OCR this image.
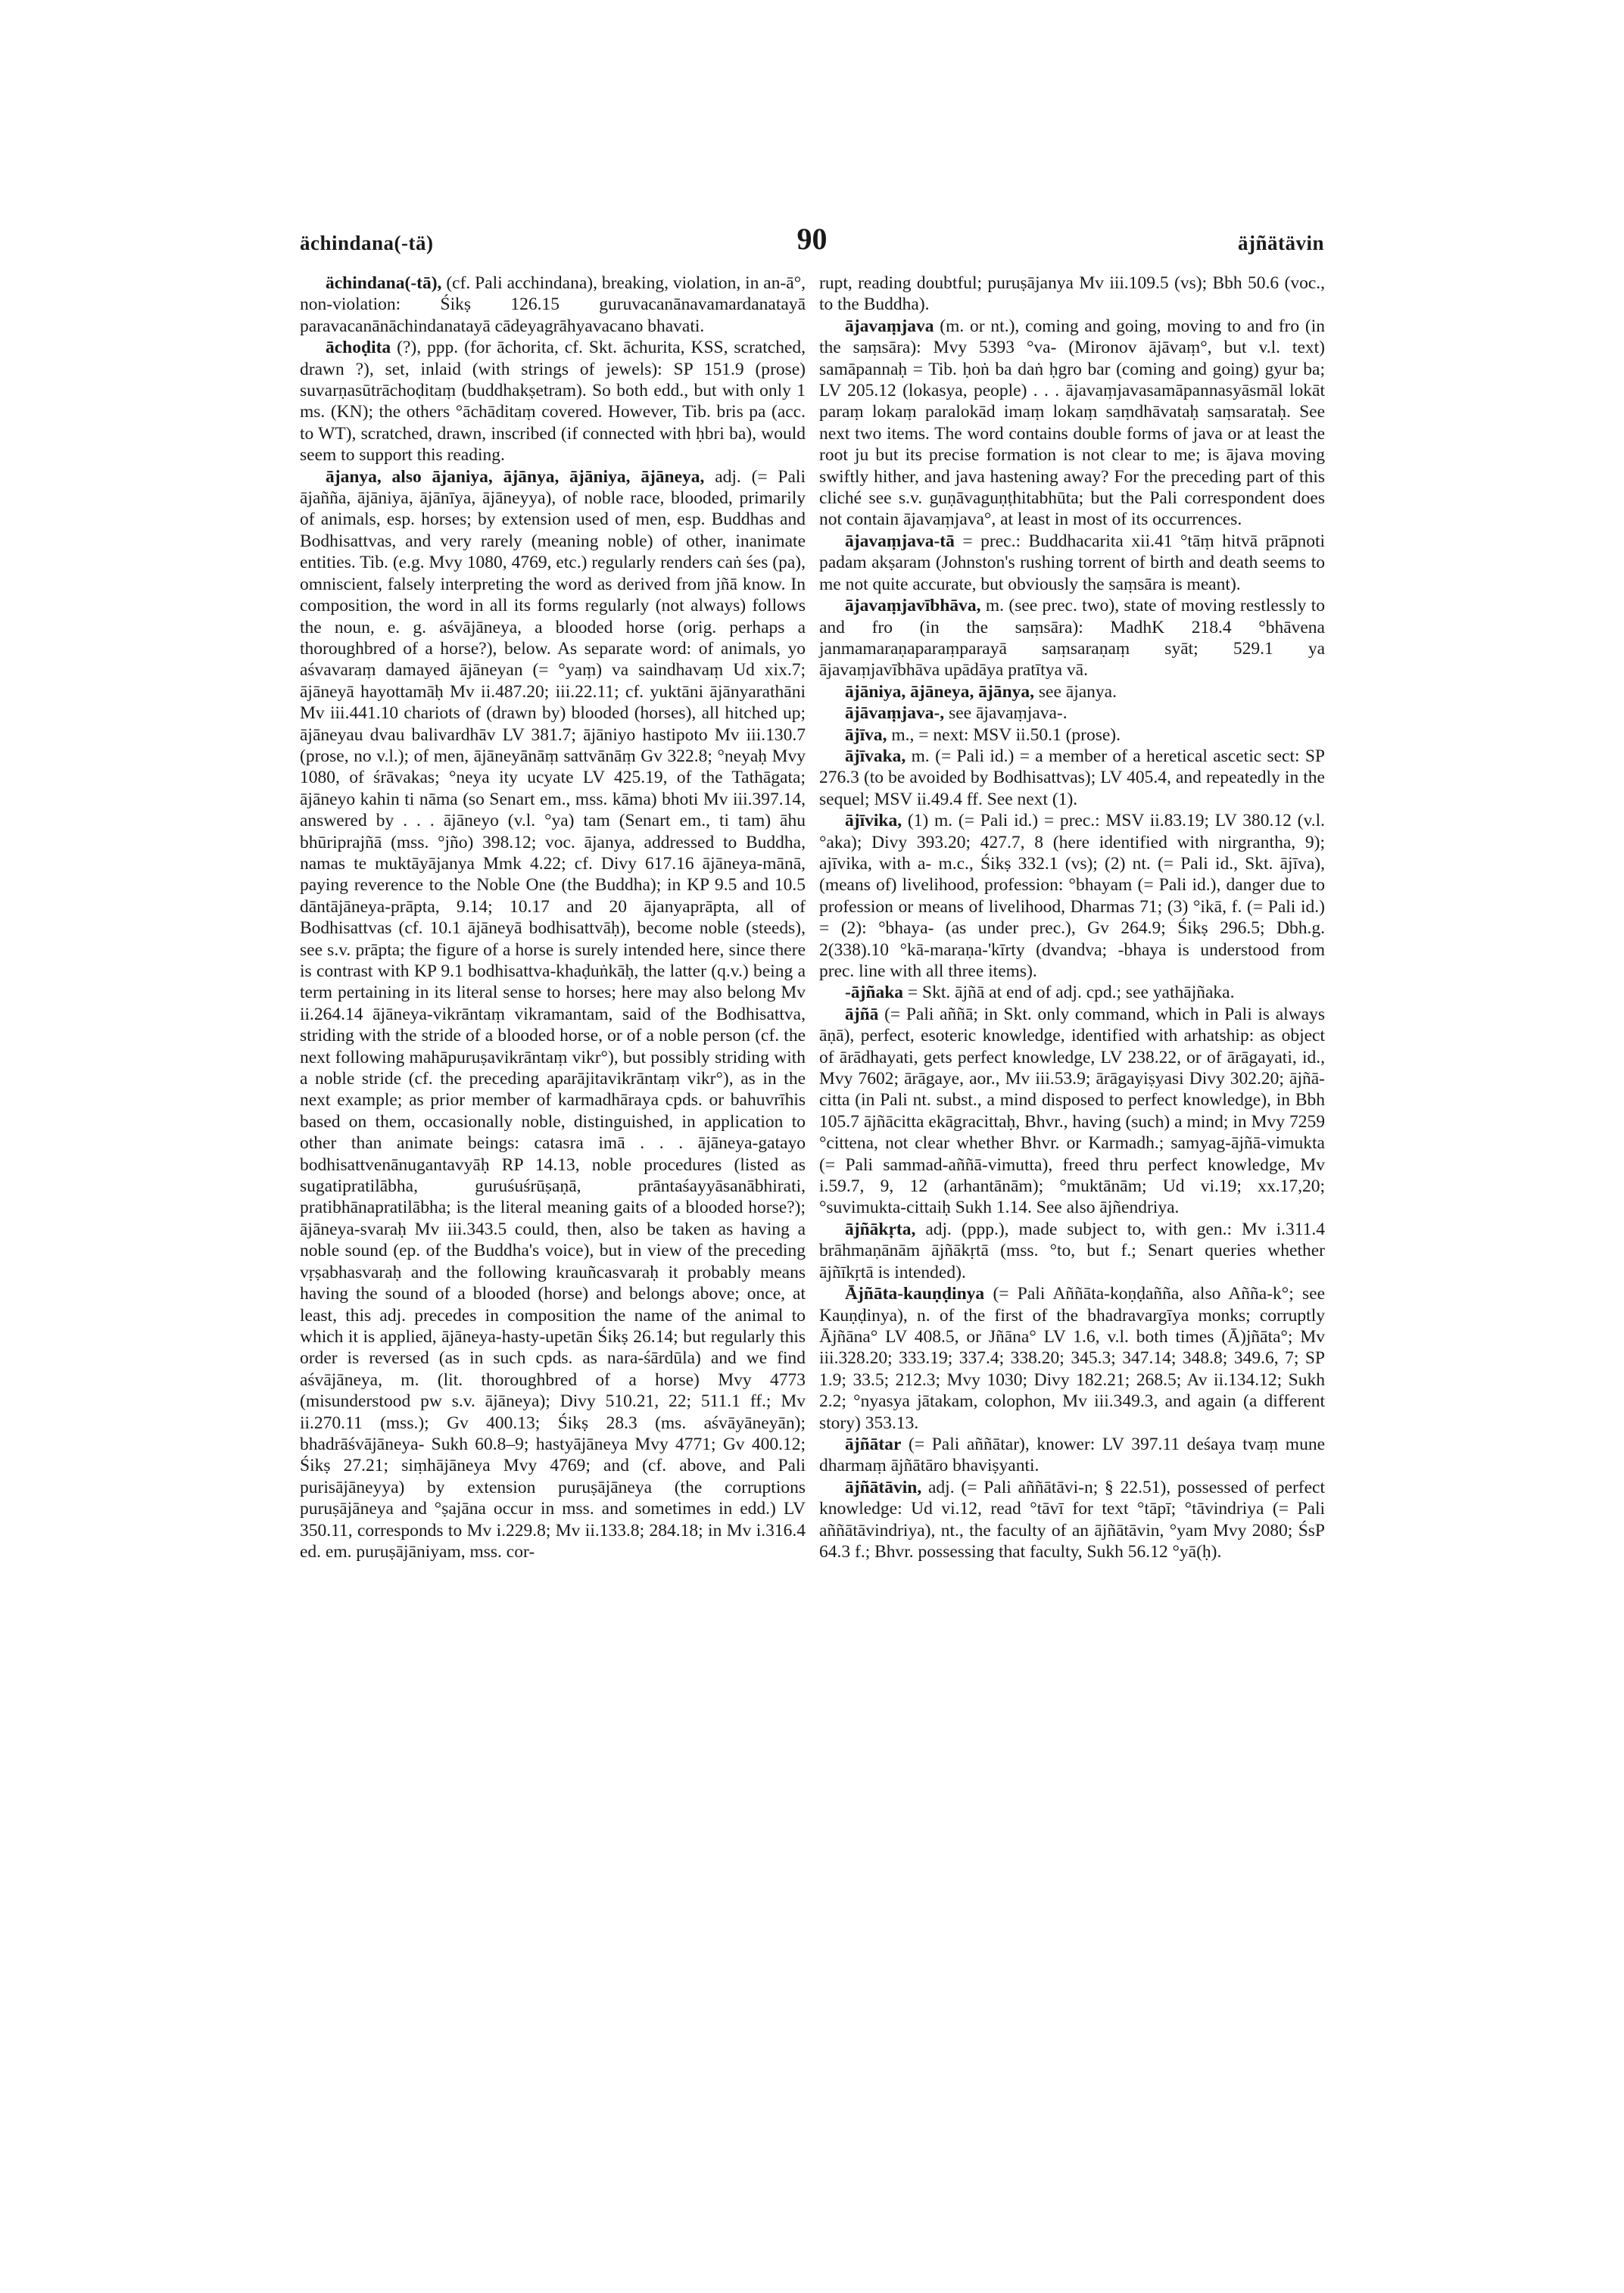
ächindana(-tä)	90	äjñätävin

ächindana(-tā), (cf. Pali acchindana), breaking, violation, in an-ā°, non-violation: Śikṣ 126.15 guruvacanānavamardanatayā paravacanānāchindanatayā cādeyagrāhyavacano bhavati.

āchoḍita (?), ppp. (for āchorita, cf. Skt. āchurita, KSS, scratched, drawn ?), set, inlaid (with strings of jewels): SP 151.9 (prose) suvarṇasūtrāchoḍitaṃ (buddhakṣetram). So both edd., but with only 1 ms. (KN); the others °āchāditaṃ covered. However, Tib. bris pa (acc. to WT), scratched, drawn, inscribed (if connected with ḥbri ba), would seem to support this reading.

ājanya, also ājaniya, ājānya, ājāniya, ājāneya, adj. (= Pali ājañña, ājāniya, ājānīya, ājāneyya), of noble race, blooded, primarily of animals, esp. horses; by extension used of men, esp. Buddhas and Bodhisattvas, and very rarely (meaning noble) of other, inanimate entities. Tib. (e.g. Mvy 1080, 4769, etc.) regularly renders caṅ śes (pa), omniscient, falsely interpreting the word as derived from jñā know. In composition, the word in all its forms regularly (not always) follows the noun, e. g. aśvājāneya, a blooded horse (orig. perhaps a thoroughbred of a horse?), below. As separate word: of animals, yo aśvavaraṃ damayed ājāneyan (= °yaṃ) va saindhavaṃ Ud xix.7; ājāneyā hayottamāḥ Mv ii.487.20; iii.22.11; cf. yuktāni ājānyarathāni Mv iii.441.10 chariots of (drawn by) blooded (horses), all hitched up; ājāneyau dvau balivardhāv LV 381.7; ājāniyo hastipoto Mv iii.130.7 (prose, no v.l.); of men, ājāneyānāṃ sattvānāṃ Gv 322.8; °neyaḥ Mvy 1080, of śrāvakas; °neya ity ucyate LV 425.19, of the Tathāgata; ājāneyo kahin ti nāma (so Senart em., mss. kāma) bhoti Mv iii.397.14, answered by . . . ājāneyo (v.l. °ya) tam (Senart em., ti tam) āhu bhūriprajñā (mss. °jño) 398.12; voc. ājanya, addressed to Buddha, namas te muktāyājanya Mmk 4.22; cf. Divy 617.16 ājāneya-mānā, paying reverence to the Noble One (the Buddha); in KP 9.5 and 10.5 dāntājāneya-prāpta, 9.14; 10.17 and 20 ājanyaprāpta, all of Bodhisattvas (cf. 10.1 ājāneyā bodhisattvāḥ), become noble (steeds), see s.v. prāpta; the figure of a horse is surely intended here, since there is contrast with KP 9.1 bodhisattva-khaḍuṅkāḥ, the latter (q.v.) being a term pertaining in its literal sense to horses; here may also belong Mv ii.264.14 ājāneya-vikrāntaṃ vikramantam, said of the Bodhisattva, striding with the stride of a blooded horse, or of a noble person (cf. the next following mahāpuruṣavikrāntaṃ vikr°), but possibly striding with a noble stride (cf. the preceding aparājitavikrāntaṃ vikr°), as in the next example; as prior member of karmadhāraya cpds. or bahuvrīhis based on them, occasionally noble, distinguished, in application to other than animate beings: catasra imā . . . ājāneya-gatayo bodhisattvenānugantavyāḥ RP 14.13, noble procedures (listed as sugatipratilābha, guruśuśrūṣaṇā, prāntaśayyāsanābhirati, pratibhānapratilābha; is the literal meaning gaits of a blooded horse?); ājāneya-svaraḥ Mv iii.343.5 could, then, also be taken as having a noble sound (ep. of the Buddha's voice), but in view of the preceding vṛṣabhasvaraḥ and the following krauñcasvaraḥ it probably means having the sound of a blooded (horse) and belongs above; once, at least, this adj. precedes in composition the name of the animal to which it is applied, ājāneya-hasty-upetān Śikṣ 26.14; but regularly this order is reversed (as in such cpds. as nara-śārdūla) and we find aśvājāneya, m. (lit. thoroughbred of a horse) Mvy 4773 (misunderstood pw s.v. ājāneya); Divy 510.21, 22; 511.1 ff.; Mv ii.270.11 (mss.); Gv 400.13; Śikṣ 28.3 (ms. aśvāyāneyān); bhadrāśvājāneya- Sukh 60.8–9; hastyājāneya Mvy 4771; Gv 400.12; Śikṣ 27.21; siṃhājāneya Mvy 4769; and (cf. above, and Pali purisājāneyya) by extension puruṣājāneya (the corruptions puruṣājāneya and °ṣajāna occur in mss. and sometimes in edd.) LV 350.11, corresponds to Mv i.229.8; Mv ii.133.8; 284.18; in Mv i.316.4 ed. em. puruṣājāniyam, mss. cor-

rupt, reading doubtful; puruṣājanya Mv iii.109.5 (vs); Bbh 50.6 (voc., to the Buddha).

ājavaṃjava (m. or nt.), coming and going, moving to and fro (in the saṃsāra): Mvy 5393 °va- (Mironov ājāvaṃ°, but v.l. text) samāpannaḥ = Tib. ḥoṅ ba daṅ ḥgro bar (coming and going) gyur ba; LV 205.12 (lokasya, people) . . . ājavaṃjavasamāpannasyāsmāl lokāt paraṃ lokaṃ paralokād imaṃ lokaṃ saṃdhāvataḥ saṃsarataḥ. See next two items. The word contains double forms of java or at least the root ju but its precise formation is not clear to me; is ājava moving swiftly hither, and java hastening away? For the preceding part of this cliché see s.v. guṇāvaguṇṭhitabhūta; but the Pali correspondent does not contain ājavaṃjava°, at least in most of its occurrences.

ājavaṃjava-tā = prec.: Buddhacarita xii.41 °tāṃ hitvā prāpnoti padam akṣaram (Johnston's rushing torrent of birth and death seems to me not quite accurate, but obviously the saṃsāra is meant).

ājavaṃjavībhāva, m. (see prec. two), state of moving restlessly to and fro (in the saṃsāra): MadhK 218.4 °bhāvena janmamaraṇaparaṃparayā saṃsaraṇaṃ syāt; 529.1 ya ājavaṃjavībhāva upādāya pratītya vā.

ājāniya, ājāneya, ājānya, see ājanya.

ājāvaṃjava-, see ājavaṃjava-.

ājīva, m., = next: MSV ii.50.1 (prose).

ājīvaka, m. (= Pali id.) = a member of a heretical ascetic sect: SP 276.3 (to be avoided by Bodhisattvas); LV 405.4, and repeatedly in the sequel; MSV ii.49.4 ff. See next (1).

ājīvika, (1) m. (= Pali id.) = prec.: MSV ii.83.19; LV 380.12 (v.l. °aka); Divy 393.20; 427.7, 8 (here identified with nirgrantha, 9); ajīvika, with a- m.c., Śikṣ 332.1 (vs); (2) nt. (= Pali id., Skt. ājīva), (means of) livelihood, profession: °bhayam (= Pali id.), danger due to profession or means of livelihood, Dharmas 71; (3) °ikā, f. (= Pali id.) = (2): °bhaya- (as under prec.), Gv 264.9; Śikṣ 296.5; Dbh.g. 2(338).10 °kā-maraṇa-'kīrty (dvandva; -bhaya is understood from prec. line with all three items).

-ājñaka = Skt. ājñā at end of adj. cpd.; see yathājñaka.

ājñā (= Pali aññā; in Skt. only command, which in Pali is always āṇā), perfect, esoteric knowledge, identified with arhatship: as object of ārādhayati, gets perfect knowledge, LV 238.22, or of ārāgayati, id., Mvy 7602; ārāgaye, aor., Mv iii.53.9; ārāgayiṣyasi Divy 302.20; ājñā-citta (in Pali nt. subst., a mind disposed to perfect knowledge), in Bbh 105.7 ājñācitta ekāgracittaḥ, Bhvr., having (such) a mind; in Mvy 7259 °cittena, not clear whether Bhvr. or Karmadh.; samyag-ājñā-vimukta (= Pali sammad-aññā-vimutta), freed thru perfect knowledge, Mv i.59.7, 9, 12 (arhantānām); °muktānām; Ud vi.19; xx.17,20; °suvimukta-cittaiḥ Sukh 1.14. See also ājñendriya.

ājñākṛta, adj. (ppp.), made subject to, with gen.: Mv i.311.4 brāhmaṇānām ājñākṛtā (mss. °to, but f.; Senart queries whether ājñīkṛtā is intended).

Ājñāta-kauṇḍinya (= Pali Aññāta-koṇḍañña, also Añña-k°; see Kauṇḍinya), n. of the first of the bhadravargīya monks; corruptly Ājñāna° LV 408.5, or Jñāna° LV 1.6, v.l. both times (Ā)jñāta°; Mv iii.328.20; 333.19; 337.4; 338.20; 345.3; 347.14; 348.8; 349.6, 7; SP 1.9; 33.5; 212.3; Mvy 1030; Divy 182.21; 268.5; Av ii.134.12; Sukh 2.2; °nyasya jātakam, colophon, Mv iii.349.3, and again (a different story) 353.13.

ājñātar (= Pali aññātar), knower: LV 397.11 deśaya tvaṃ mune dharmaṃ ājñātāro bhaviṣyanti.

ājñātāvin, adj. (= Pali aññātāvi-n; § 22.51), possessed of perfect knowledge: Ud vi.12, read °tāvī for text °tāpī; °tāvindriya (= Pali aññātāvindriya), nt., the faculty of an ājñātāvin, °yam Mvy 2080; ŚsP 64.3 f.; Bhvr. possessing that faculty, Sukh 56.12 °yā(ḥ).
